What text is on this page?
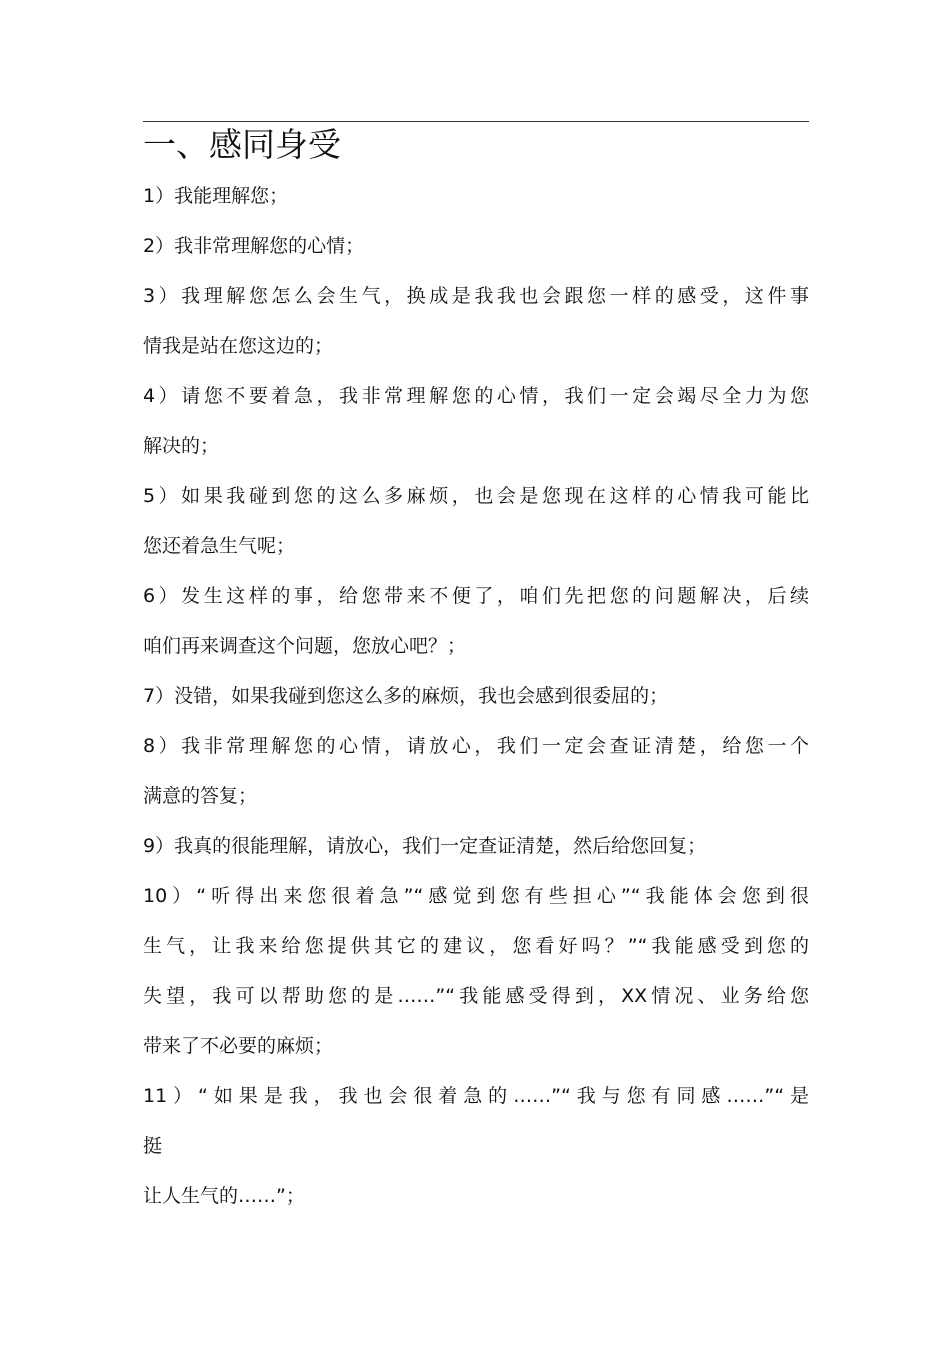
一、感同身受
1）我能理解您；
2）我非常理解您的心情；
3）我理解您怎么会生气，换成是我我也会跟您一样的感受，这件事
情我是站在您这边的；
4）请您不要着急，我非常理解您的心情，我们一定会竭尽全力为您
解决的；
5）如果我碰到您的这么多麻烦，也会是您现在这样的心情我可能比
您还着急生气呢；
6）发生这样的事，给您带来不便了，咱们先把您的问题解决，后续
咱们再来调查这个问题，您放心吧？；
7）没错，如果我碰到您这么多的麻烦，我也会感到很委屈的；
8）我非常理解您的心情，请放心，我们一定会查证清楚，给您一个
满意的答复；
9）我真的很能理解，请放心，我们一定查证清楚，然后给您回复；
10）“听得出来您很着急”“感觉到您有些担心”“我能体会您到很
生气，让我来给您提供其它的建议，您看好吗？”“我能感受到您的
失望，我可以帮助您的是……”“我能感受得到，XX情况、业务给您
带来了不必要的麻烦；
11）“如果是我，我也会很着急的……”“我与您有同感……”“是
挺
让人生气的……”；
